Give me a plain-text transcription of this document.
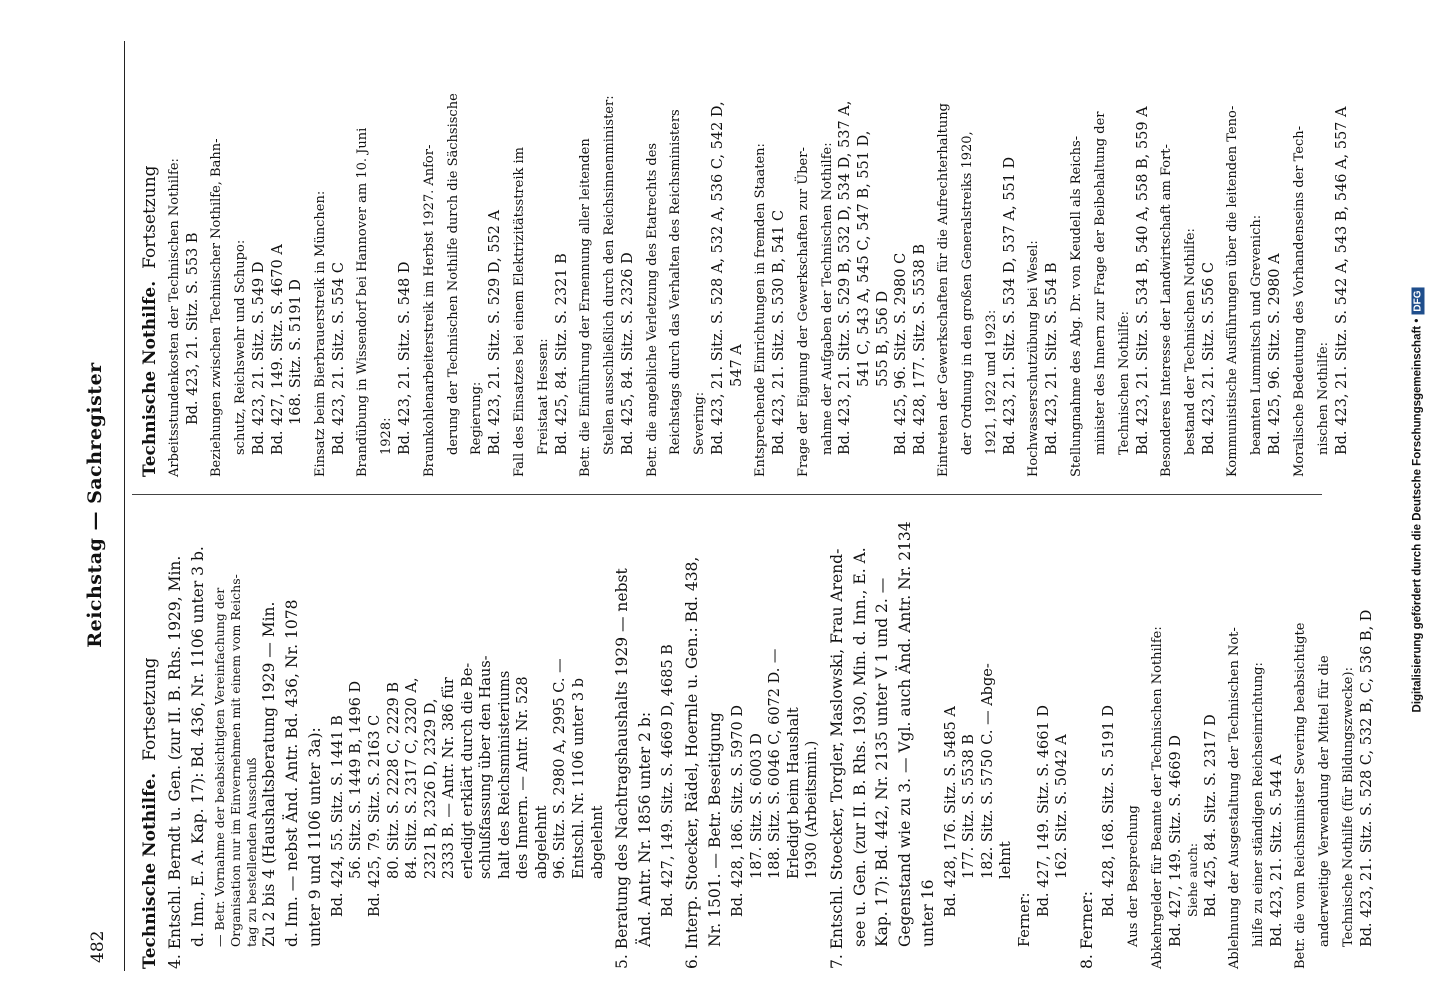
482
Reichstag — Sachregister
Technische Nothilfe.Fortsetzung 4. Entschl. Berndt u. Gen. (zur II. B. Rhs. 1929, Min. d. Inn., E. A. Kap. 17): Bd. 436, Nr. 1106 unter 3 b. — Betr. Vornahme der beabsichtigten Vereinfachung der Organisation nur im Einvernehmen mit einem vom Reichs- tag zu bestellenden Ausschuß Zu 2 bis 4 (Haushaltsberatung 1929 — Min. d. Inn. — nebst Änd. Antr. Bd. 436, Nr. 1078 unter 9 und 1106 unter 3a): Bd. 424, 55. Sitz. S. 1441 B 56. Sitz. S. 1449 B, 1496 D Bd. 425, 79. Sitz. S. 2163 C 80. Sitz. S. 2228 C, 2229 B 84. Sitz. S. 2317 C, 2320 A, 2321 B, 2326 D, 2329 D, 2333 B. — Antr. Nr. 386 für erledigt erklärt durch die Be- schlußfassung über den Haus- halt des Reichsministeriums des Innern. — Antr. Nr. 528 abgelehnt 96. Sitz. S. 2980 A, 2995 C. — Entschl. Nr. 1106 unter 3 b abgelehnt 5. Beratung des Nachtragshaushalts 1929 — nebst Änd. Antr. Nr. 1856 unter 2 b: Bd. 427, 149. Sitz. S. 4669 D, 4685 B 6. Interp. Stoecker, Rädel, Hoernle u. Gen.: Bd. 438, Nr. 1501. — Betr. Beseitigung Bd. 428, 186. Sitz. S. 5970 D 187. Sitz. S. 6003 D 188. Sitz. S. 6046 C, 6072 D. — Erledigt beim Haushalt 1930 (Arbeitsmin.) 7. Entschl. Stoecker, Torgler, Maslowski, Frau Arend- see u. Gen. (zur II. B. Rhs. 1930, Min. d. Inn., E. A. Kap. 17): Bd. 442, Nr. 2135 unter V 1 und 2. — Gegenstand wie zu 3. — Vgl. auch Änd. Antr. Nr. 2134 unter 16 Bd. 428, 176. Sitz. S. 5485 A 177. Sitz. S. 5538 B 182. Sitz. S. 5750 C. — Abge- lehnt
Ferner:
Bd. 427, 149. Sitz. S. 4661 D 162. Sitz. S. 5042 A
8. Ferner:
Bd. 428, 168. Sitz. S. 5191 D Aus der Besprechung Abkehrgelder für Beamte der Technischen Nothilfe: Bd. 427, 149. Sitz. S. 4669 D Siehe auch: Bd. 425, 84. Sitz. S. 2317 D Ablehnung der Ausgestaltung der Technischen Not- hilfe zu einer ständigen Reichseinrichtung: Bd. 423, 21. Sitz. S. 544 A Betr. die vom Reichsminister Severing beabsichtigte anderweitige Verwendung der Mittel für die Technische Nothilfe (für Bildungszwecke): Bd. 423, 21. Sitz. S. 528 C, 532 B, C, 536 B, D
Technische Nothilfe.Fortsetzung Arbeitsstundenkosten der Technischen Nothilfe: Bd. 423, 21. Sitz. S. 553 B Beziehungen zwischen Technischer Nothilfe, Bahn- schutz, Reichswehr und Schupo: Bd. 423, 21. Sitz. S. 549 D Bd. 427, 149. Sitz. S. 4670 A 168. Sitz. S. 5191 D Einsatz beim Bierbrauerstreik in München: Bd. 423, 21. Sitz. S. 554 C Brandübung in Wissendorf bei Hannover am 10. Juni 1928: Bd. 423, 21. Sitz. S. 548 D Braunkohlenarbeiterstreik im Herbst 1927. Anfor- derung der Technischen Nothilfe durch die Sächsische Regierung: Bd. 423, 21. Sitz. S. 529 D, 552 A Fall des Einsatzes bei einem Elektrizitätsstreik im Freistaat Hessen: Bd. 425, 84. Sitz. S. 2321 B Betr. die Einführung der Ernennung aller leitenden Stellen ausschließlich durch den Reichsinnenminister: Bd. 425, 84. Sitz. S. 2326 D Betr. die angebliche Verletzung des Etatrechts des Reichstags durch das Verhalten des Reichsministers Severing: Bd. 423, 21. Sitz. S. 528 A, 532 A, 536 C, 542 D, 547 A Entsprechende Einrichtungen in fremden Staaten: Bd. 423, 21. Sitz. S. 530 B, 541 C Frage der Eignung der Gewerkschaften zur Über- nahme der Aufgaben der Technischen Nothilfe: Bd. 423, 21. Sitz. S. 529 B, 532 D, 534 D, 537 A, 541 C, 543 A, 545 C, 547 B, 551 D, 555 B, 556 D Bd. 425, 96. Sitz. S. 2980 C Bd. 428, 177. Sitz. S. 5538 B Eintreten der Gewerkschaften für die Aufrechterhaltung der Ordnung in den großen Generalstreiks 1920, 1921, 1922 und 1923: Bd. 423, 21. Sitz. S. 534 D, 537 A, 551 D Hochwasserschutzübung bei Wesel: Bd. 423, 21. Sitz. S. 554 B Stellungnahme des Abg. Dr. von Keudell als Reichs- minister des Innern zur Frage der Beibehaltung der Technischen Nothilfe: Bd. 423, 21. Sitz. S. 534 B, 540 A, 558 B, 559 A Besonderes Interesse der Landwirtschaft am Fort- bestand der Technischen Nothilfe: Bd. 423, 21. Sitz. S. 556 C Kommunistische Ausführungen über die leitenden Teno- beamten Lummitsch und Grevenich: Bd. 425, 96. Sitz. S. 2980 A Moralische Bedeutung des Vorhandenseins der Tech- nischen Nothilfe: Bd. 423, 21. Sitz. S. 542 A, 543 B, 546 A, 557 A
Digitalisierung gefördert durch die Deutsche Forschungsgemeinschaft •DFG
